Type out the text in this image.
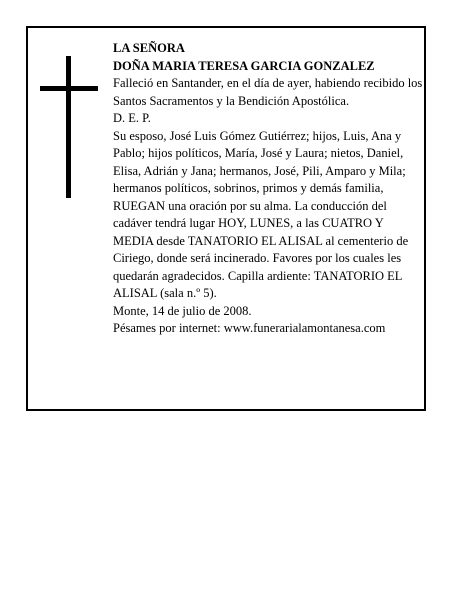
LA SEÑORA

DOÑA MARIA TERESA GARCIA GONZALEZ

Falleció en Santander, en el día de ayer, habiendo recibido los Santos Sacramentos y la Bendición Apostólica.

D. E. P.

Su esposo, José Luis Gómez Gutiérrez; hijos, Luis, Ana y Pablo; hijos políticos, María, José y Laura; nietos, Daniel, Elisa, Adrián y Jana; hermanos, José, Pili, Amparo y Mila; hermanos políticos, sobrinos, primos y demás familia,

RUEGAN una oración por su alma. La conducción del cadáver tendrá lugar HOY, LUNES, a las CUATRO Y MEDIA desde TANATORIO EL ALISAL al cementerio de Ciriego, donde será incinerado. Favores por los cuales les quedarán agradecidos. Capilla ardiente: TANATORIO EL ALISAL (sala n.º 5).

Monte, 14 de julio de 2008.

Pésames por internet: www.funerarialamontanesa.com
